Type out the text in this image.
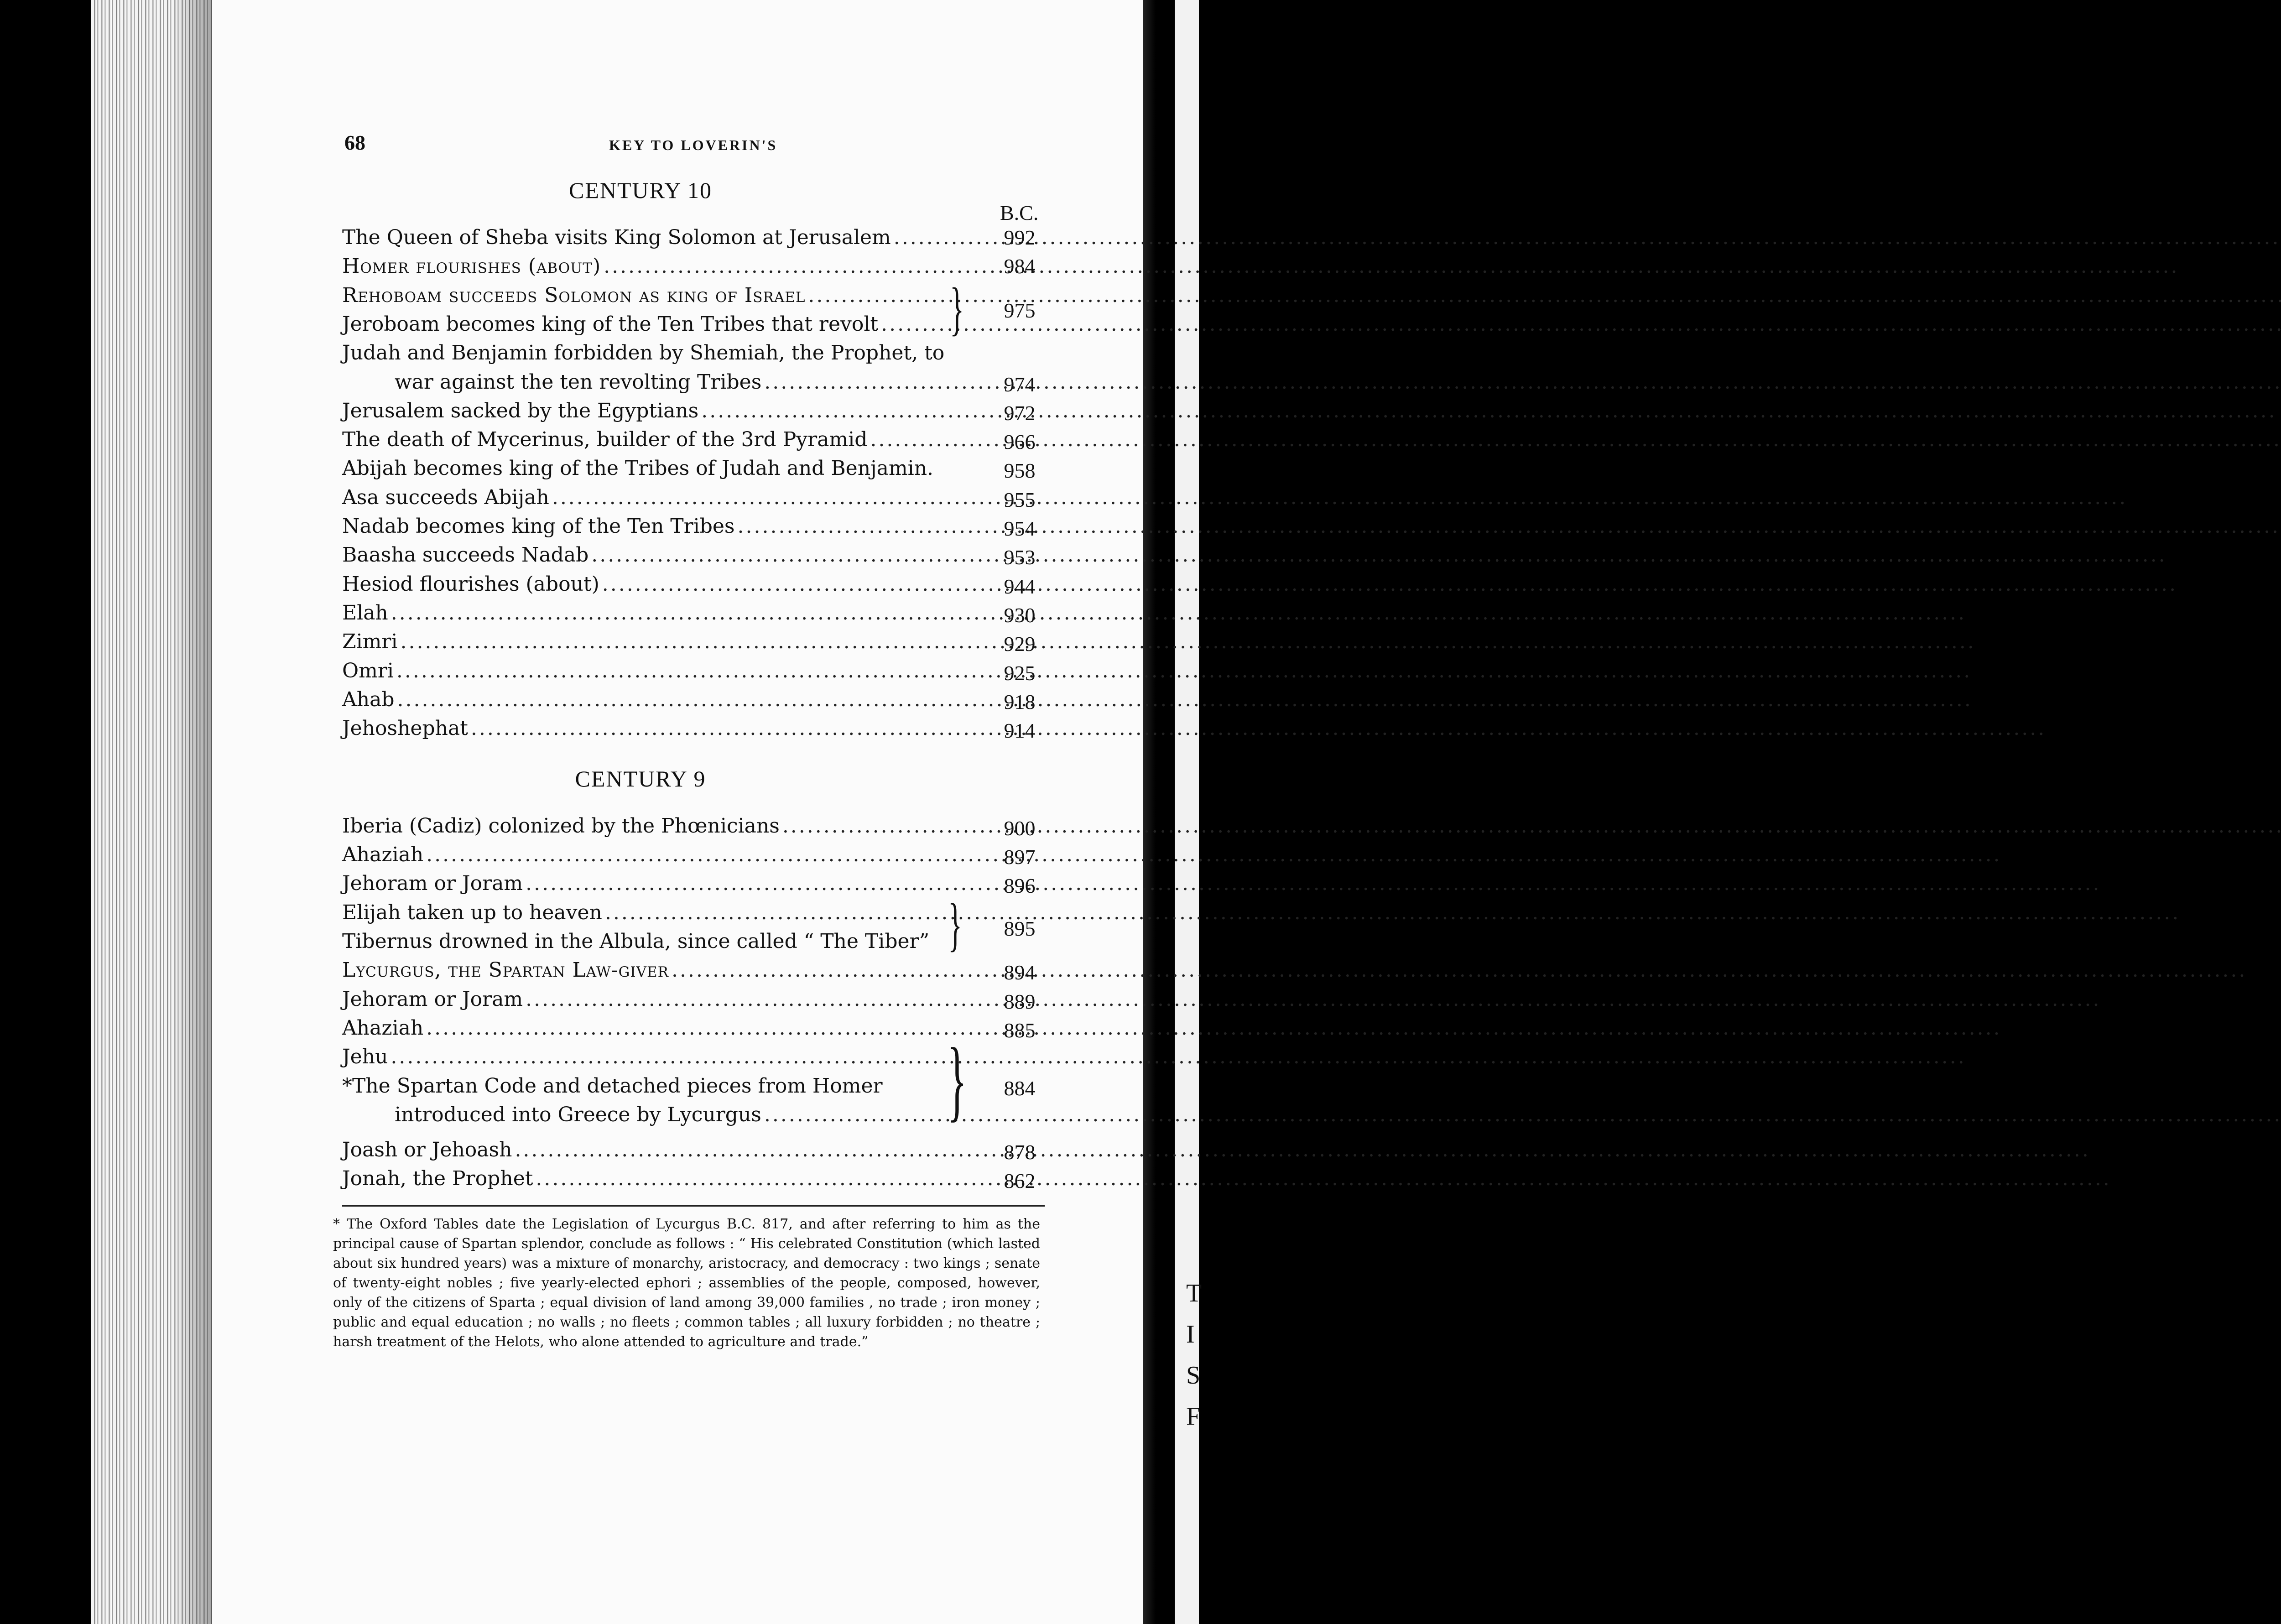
T
I
S
F
68	KEY TO LOVERIN'S
CENTURY 10
B.C.
The Queen of Sheba visits King Solomon at Jerusalem .....	992
Homer flourishes (about) .....	984
Rehoboam succeeds Solomon as king of Israel
.....
Jeroboam becomes king of the Ten Tribes that revolt ..... }	975
Judah and Benjamin forbidden by Shemiah, the Prophet, to
war against the ten revolting Tribes .....	974
Jerusalem sacked by the Egyptians .....	972
The death of Mycerinus, builder of the 3rd Pyramid .....	966
Abijah becomes king of the Tribes of Judah and Benjamin.	958
Asa succeeds Abijah .....	955
Nadab becomes king of the Ten Tribes .....	954
Baasha succeeds Nadab .....	953
Hesiod flourishes (about) .....	944
Elah .....	930
Zimri .....	929
Omri .....	925
Ahab .....	918
Jehoshephat .....	914
CENTURY 9
Iberia (Cadiz) colonized by the Phœnicians .....	900
Ahaziah .....	897
Jehoram or Joram .....	896
Elijah taken up to heaven
.....
Tibernus drowned in the Albula, since called “ The Tiber” }	895
Lycurgus, the Spartan Law-giver .....	894
Jehoram or Joram .....	889
Ahaziah .....	885
Jehu
.....
*The Spartan Code and detached pieces from Homer
introduced into Greece by Lycurgus ..... }	884
Joash or Jehoash .....	878
Jonah, the Prophet .....	862
* The Oxford Tables date the Legislation of Lycurgus B.C. 817, and after referring to him as the principal cause of Spartan splendor, conclude as follows : “ His celebrated Constitution (which lasted about six hundred years) was a mixture of monarchy, aristocracy, and democracy : two kings ; senate of twenty-eight nobles ; five yearly-elected ephori ; assemblies of the people, composed, however, only of the citizens of Sparta ; equal division of land among 39,000 families , no trade ; iron money ; public and equal education ; no walls ; no fleets ; common tables ; all luxury forbidden ; no theatre ; harsh treatment of the Helots, who alone attended to agriculture and trade.”
